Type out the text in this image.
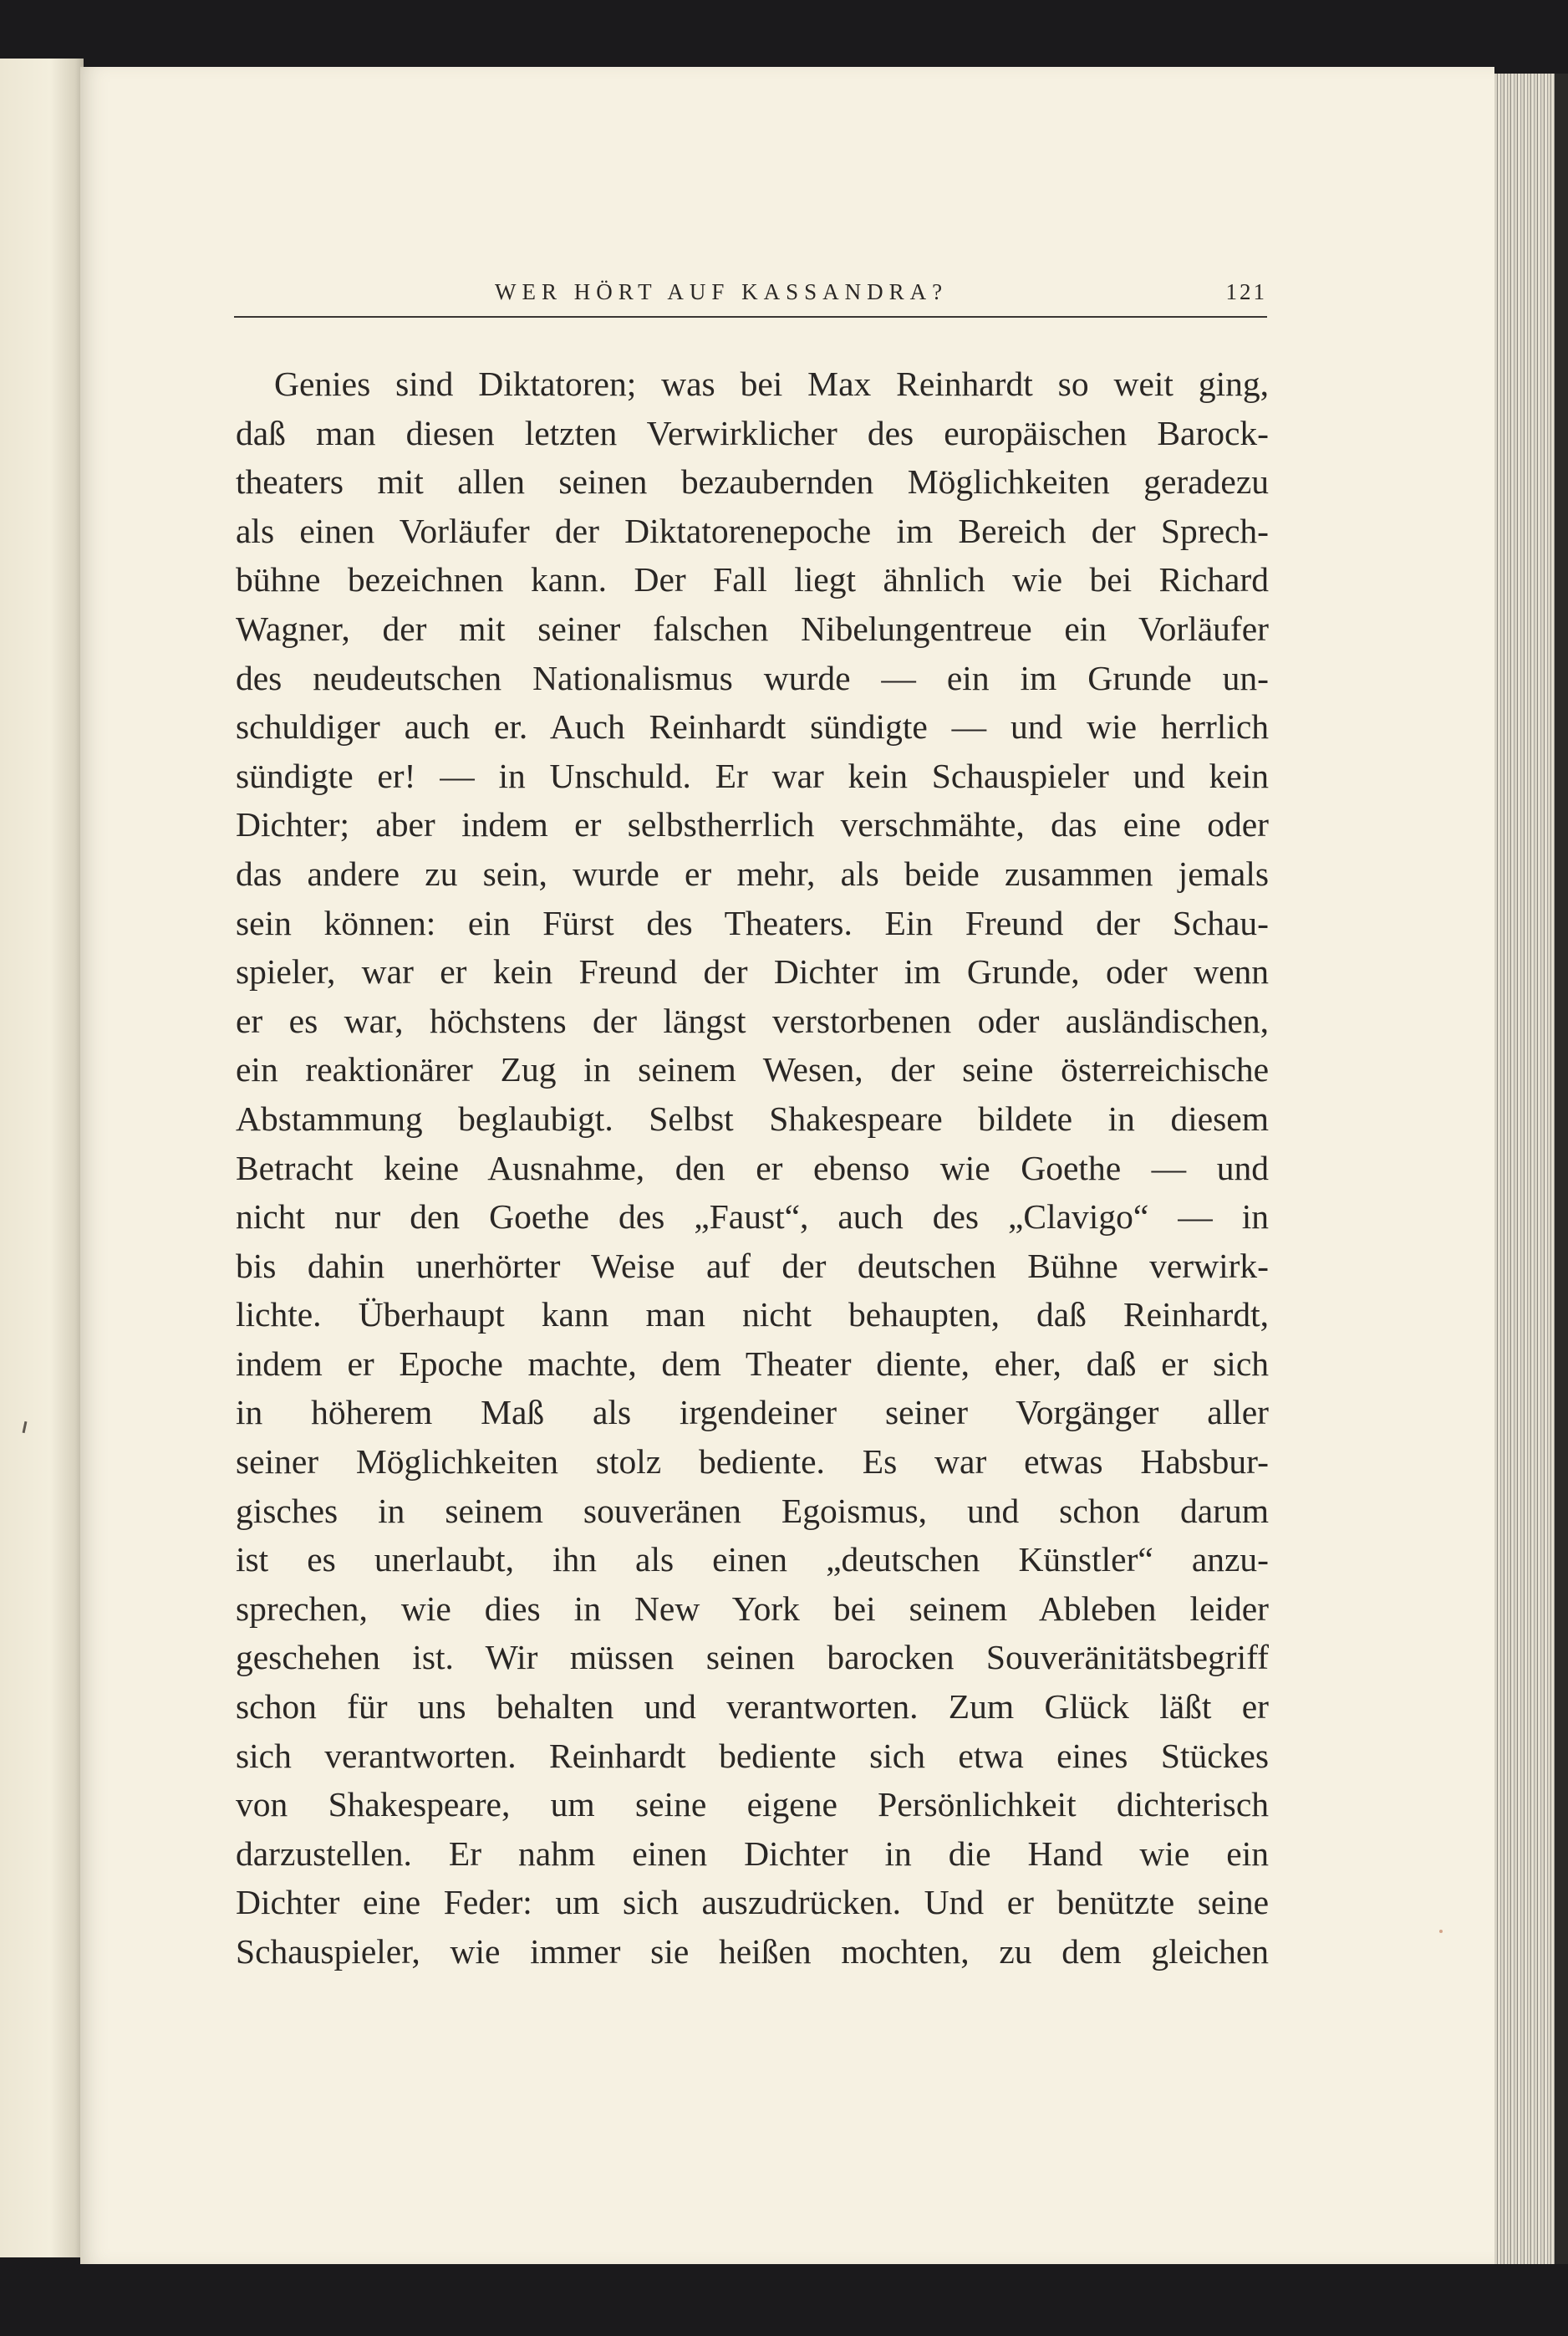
WER HÖRT AUF KASSANDRA?	121
Genies sind Diktatoren; was bei Max Reinhardt so weit ging,
daß man diesen letzten Verwirklicher des europäischen Barock-
theaters mit allen seinen bezaubernden Möglichkeiten geradezu
als einen Vorläufer der Diktatorenepoche im Bereich der Sprech-
bühne bezeichnen kann. Der Fall liegt ähnlich wie bei Richard
Wagner, der mit seiner falschen Nibelungentreue ein Vorläufer
des neudeutschen Nationalismus wurde — ein im Grunde un-
schuldiger auch er. Auch Reinhardt sündigte — und wie herrlich
sündigte er! — in Unschuld. Er war kein Schauspieler und kein
Dichter; aber indem er selbstherrlich verschmähte, das eine oder
das andere zu sein, wurde er mehr, als beide zusammen jemals
sein können: ein Fürst des Theaters. Ein Freund der Schau-
spieler, war er kein Freund der Dichter im Grunde, oder wenn
er es war, höchstens der längst verstorbenen oder ausländischen,
ein reaktionärer Zug in seinem Wesen, der seine österreichische
Abstammung beglaubigt. Selbst Shakespeare bildete in diesem
Betracht keine Ausnahme, den er ebenso wie Goethe — und
nicht nur den Goethe des „Faust“, auch des „Clavigo“ — in
bis dahin unerhörter Weise auf der deutschen Bühne verwirk-
lichte. Überhaupt kann man nicht behaupten, daß Reinhardt,
indem er Epoche machte, dem Theater diente, eher, daß er sich
in höherem Maß als irgendeiner seiner Vorgänger aller
seiner Möglichkeiten stolz bediente. Es war etwas Habsbur-
gisches in seinem souveränen Egoismus, und schon darum
ist es unerlaubt, ihn als einen „deutschen Künstler“ anzu-
sprechen, wie dies in New York bei seinem Ableben leider
geschehen ist. Wir müssen seinen barocken Souveränitätsbegriff
schon für uns behalten und verantworten. Zum Glück läßt er
sich verantworten. Reinhardt bediente sich etwa eines Stückes
von Shakespeare, um seine eigene Persönlichkeit dichterisch
darzustellen. Er nahm einen Dichter in die Hand wie ein
Dichter eine Feder: um sich auszudrücken. Und er benützte seine
Schauspieler, wie immer sie heißen mochten, zu dem gleichen
